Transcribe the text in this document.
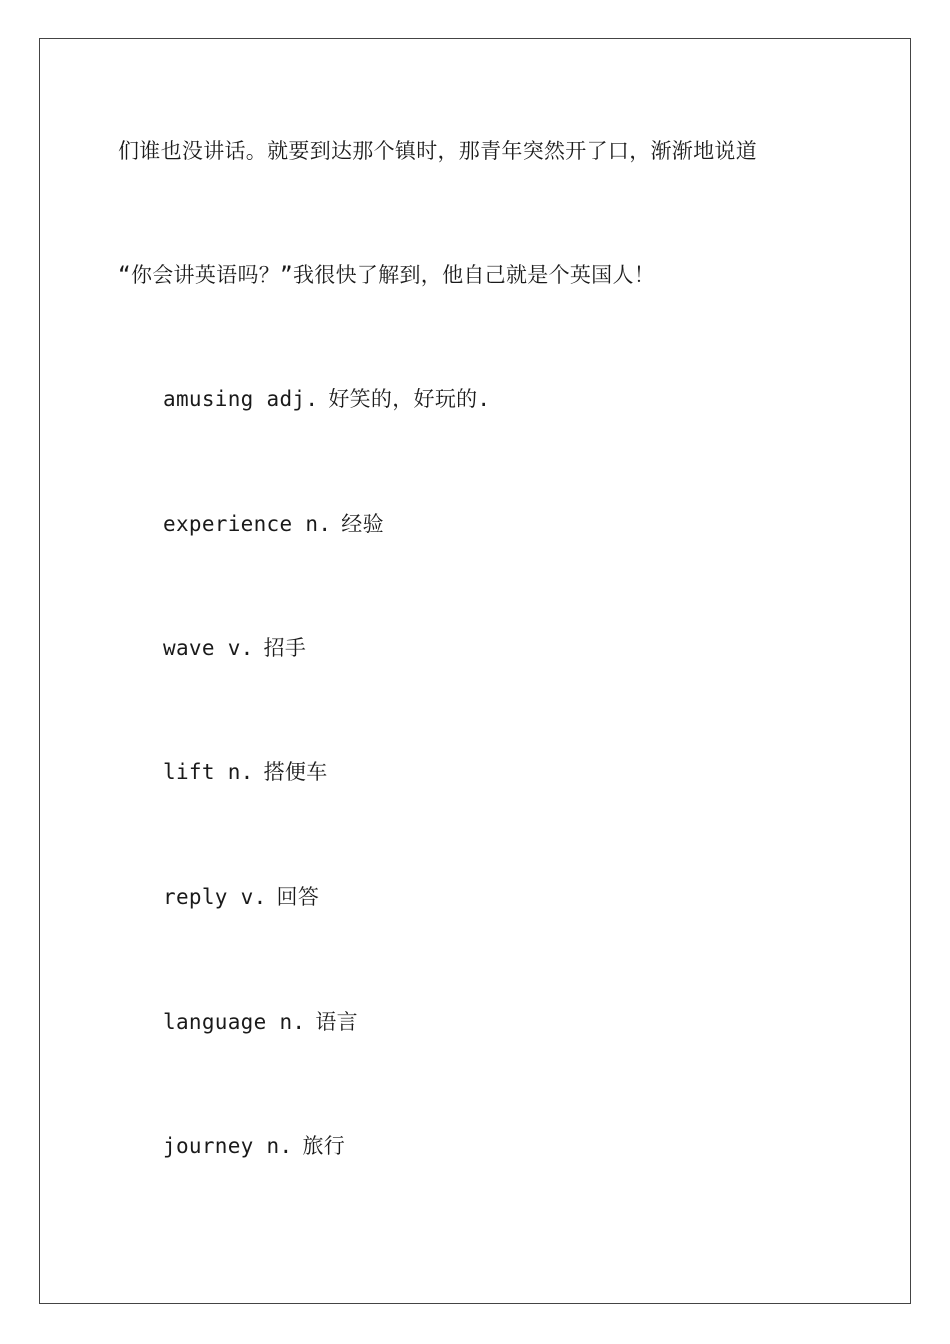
们谁也没讲话。就要到达那个镇时，那青年突然开了口，渐渐地说道
“你会讲英语吗？”我很快了解到，他自己就是个英国人！
amusing adj. 好笑的，好玩的.
experience n. 经验
wave v. 招手
lift n. 搭便车
reply v. 回答
language n. 语言
journey n. 旅行
